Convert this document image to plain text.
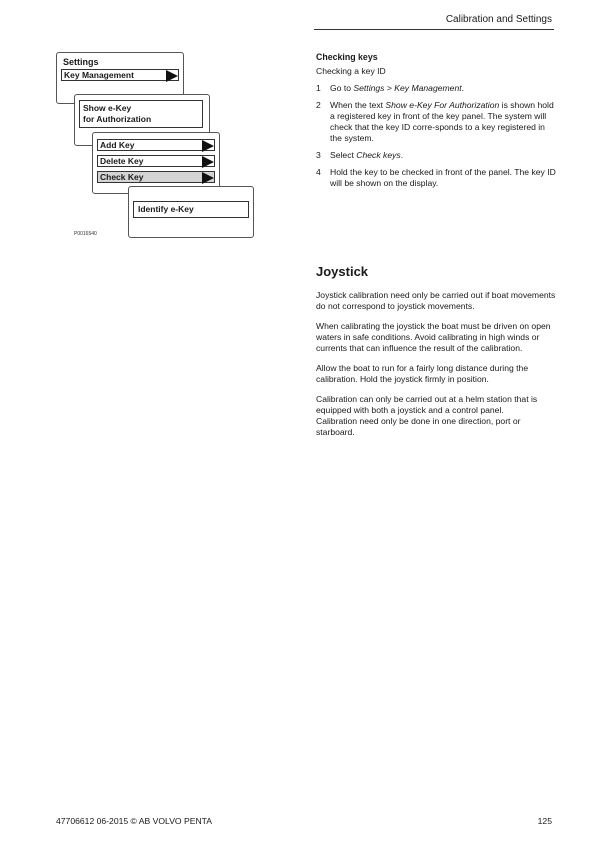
Calibration and Settings
Settings
Key Management
Show e-Key
for Authorization
Add Key
Delete Key
Check Key
Identify e-Key
P0016540
Checking keys
Checking a key ID
1 Go to Settings > Key Management.
2 When the text Show e-Key For Authorization is shown hold a registered key in front of the key panel. The system will check that the key ID corre-sponds to a key registered in the system.
3 Select Check keys.
4 Hold the key to be checked in front of the panel. The key ID will be shown on the display.
Joystick

Joystick calibration need only be carried out if boat movements do not correspond to joystick movements.

When calibrating the joystick the boat must be driven on open waters in safe conditions. Avoid calibrating in high winds or currents that can influence the result of the calibration.

Allow the boat to run for a fairly long distance during the calibration. Hold the joystick firmly in position.

Calibration can only be carried out at a helm station that is equipped with both a joystick and a control panel.
Calibration need only be done in one direction, port or starboard.

47706612 06-2015 © AB VOLVO PENTA	125
